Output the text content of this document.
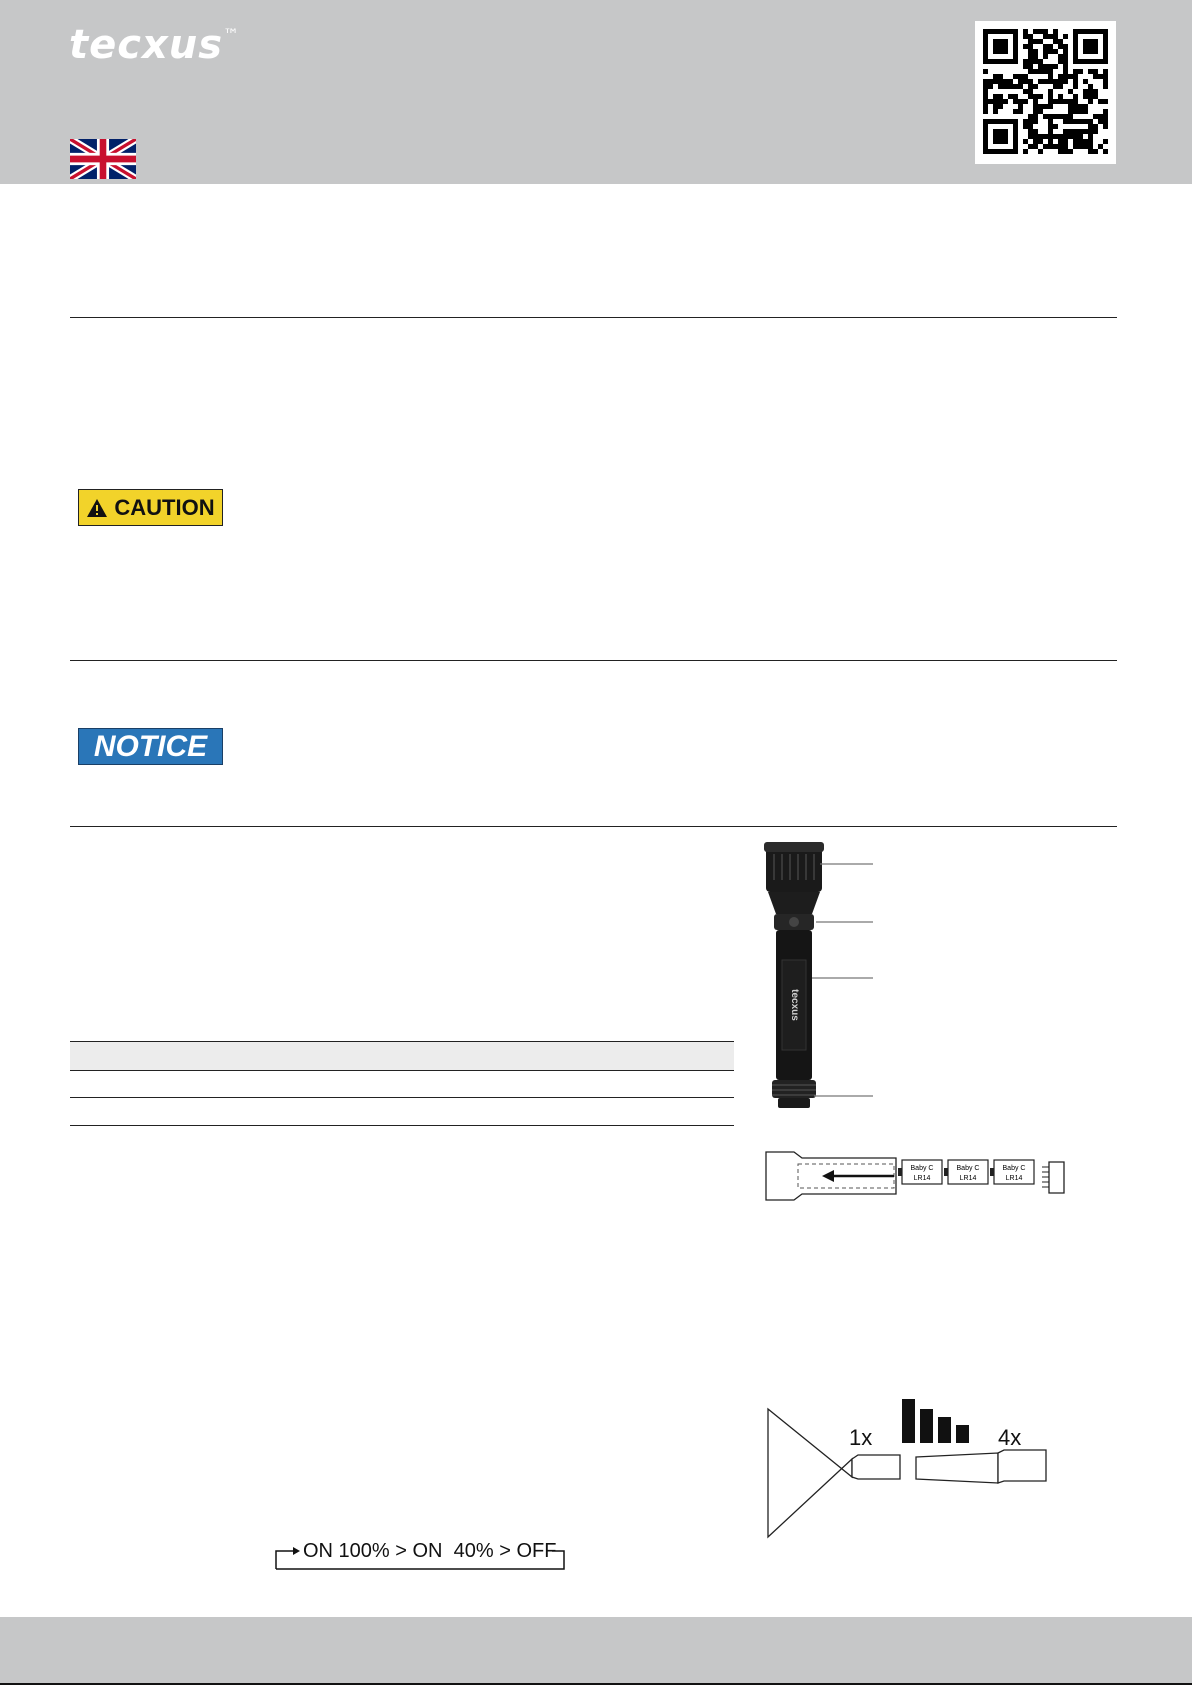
tecxus™
CAUTION
NOTICE
tecxus
Baby C
LR14
Baby C
LR14
Baby C
LR14
1x	4x
ON 100% > ON  40% > OFF
